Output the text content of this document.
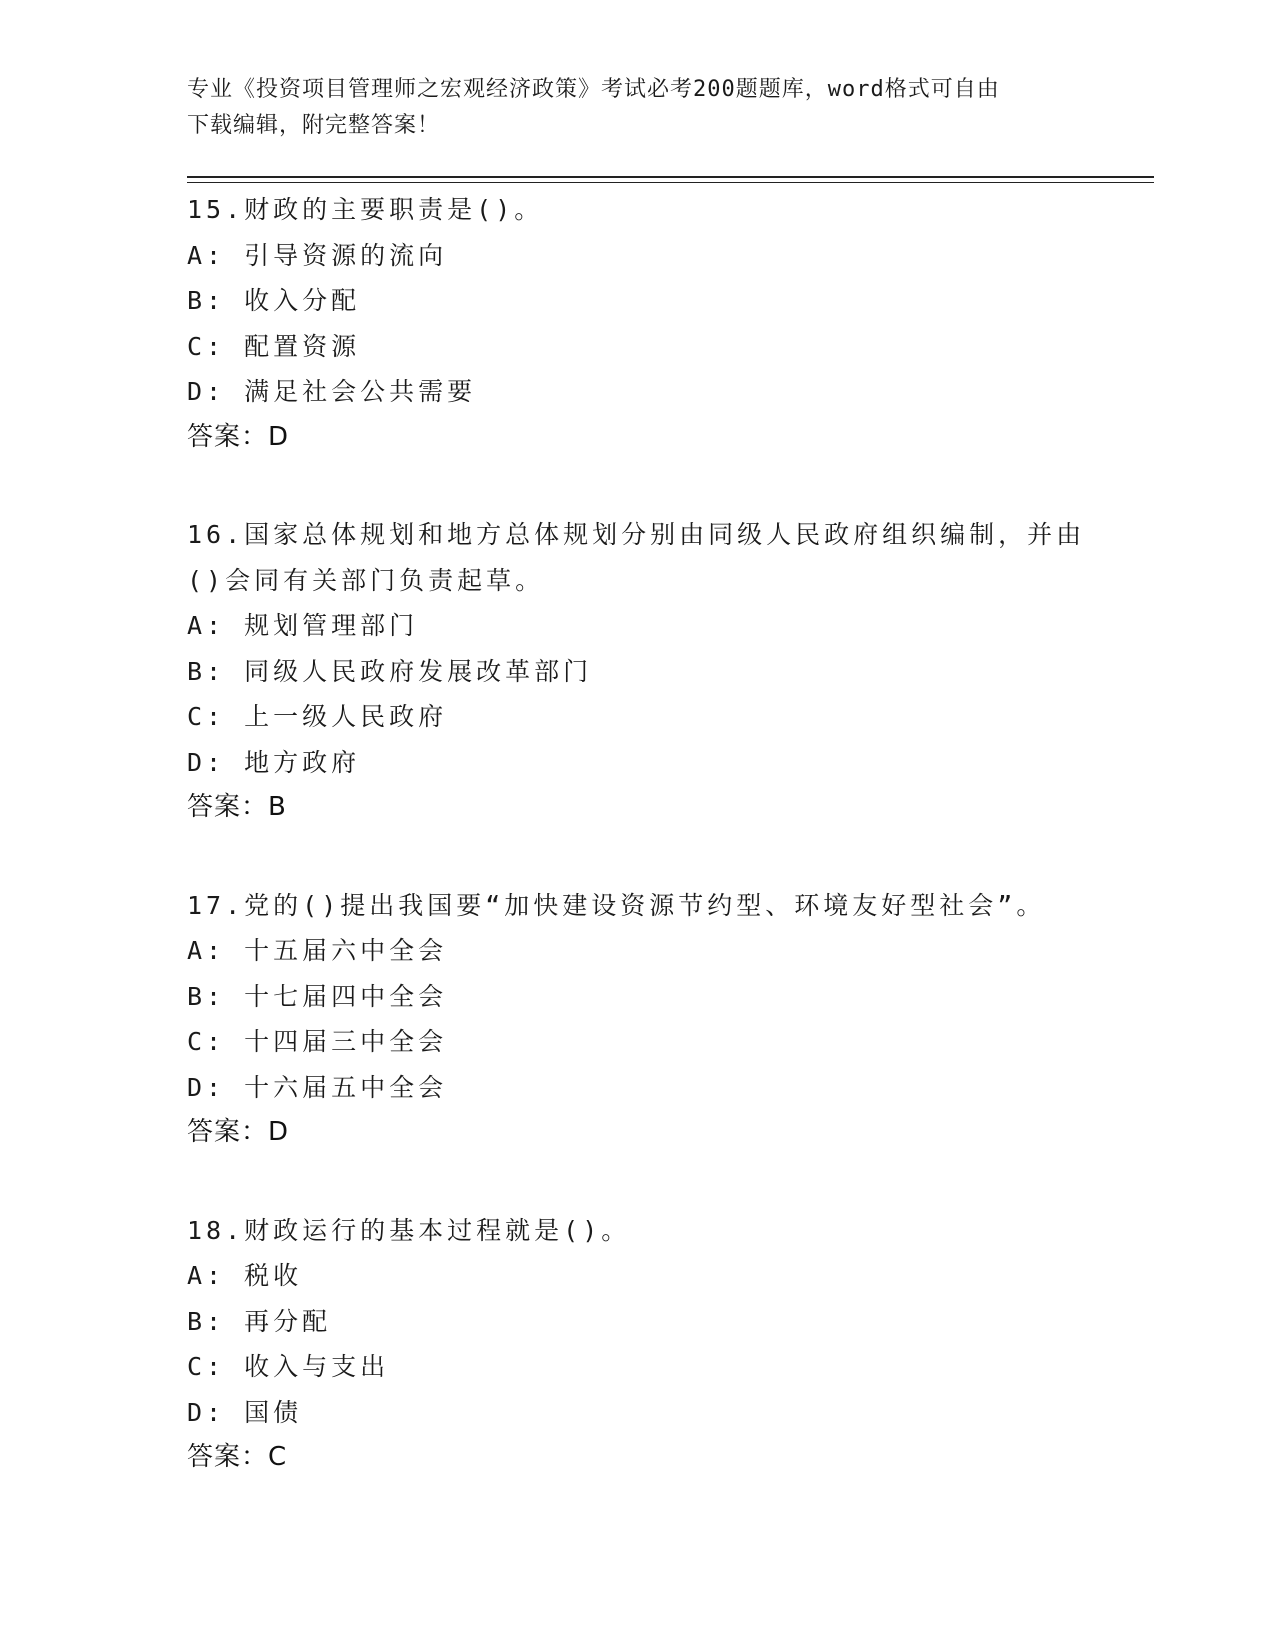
专业《投资项目管理师之宏观经济政策》考试必考200题题库，word格式可自由
下载编辑，附完整答案！
15.财政的主要职责是()。
A: 引导资源的流向
B: 收入分配
C: 配置资源
D: 满足社会公共需要
答案：D
16.国家总体规划和地方总体规划分别由同级人民政府组织编制，并由()会同有关部门负责起草。
A: 规划管理部门
B: 同级人民政府发展改革部门
C: 上一级人民政府
D: 地方政府
答案：B
17.党的()提出我国要“加快建设资源节约型、环境友好型社会”。
A: 十五届六中全会
B: 十七届四中全会
C: 十四届三中全会
D: 十六届五中全会
答案：D
18.财政运行的基本过程就是()。
A: 税收
B: 再分配
C: 收入与支出
D: 国债
答案：C
